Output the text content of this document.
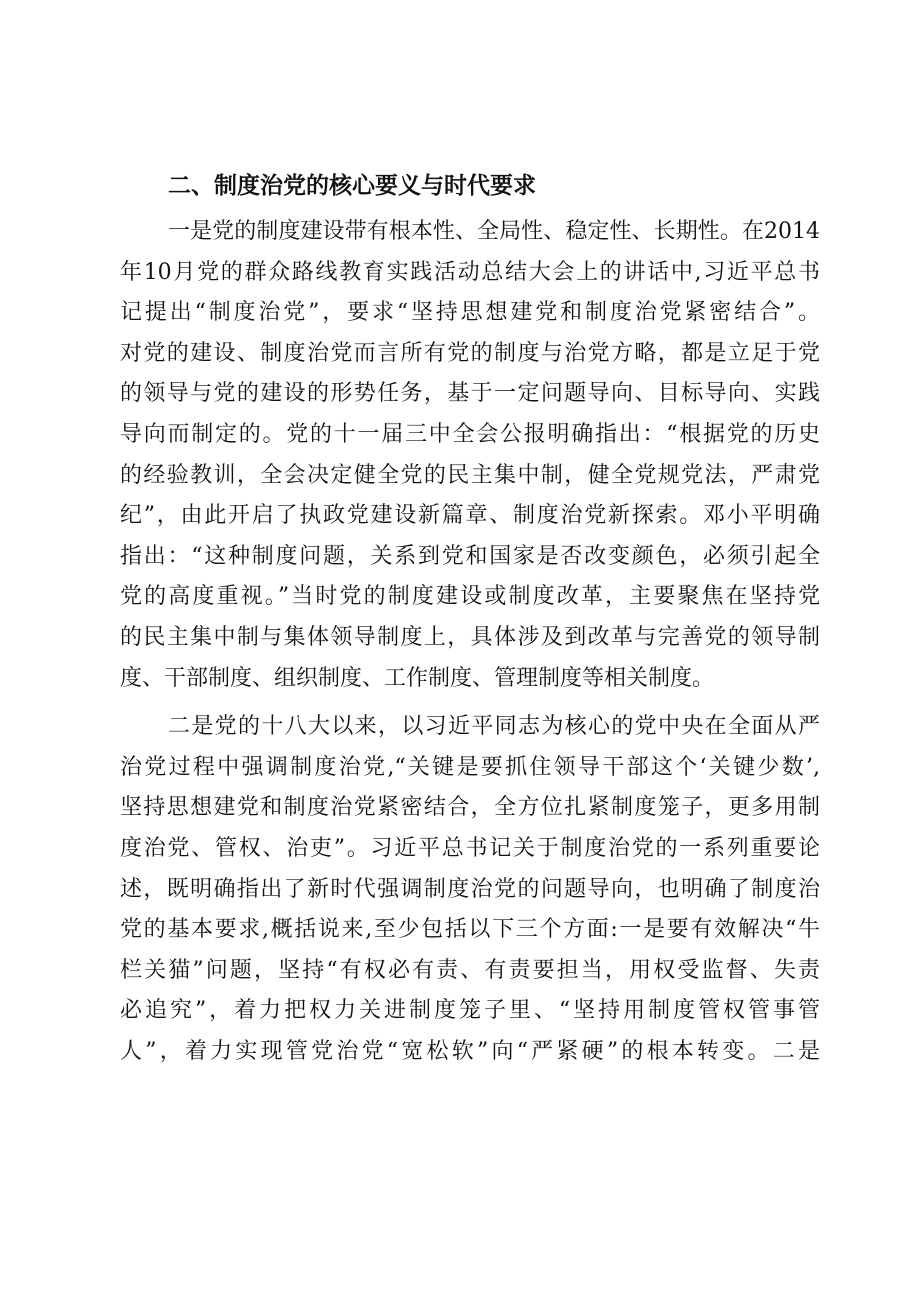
二、制度治党的核心要义与时代要求
一是党的制度建设带有根本性、全局性、稳定性、长期性。在2014
年10月党的群众路线教育实践活动总结大会上的讲话中,习近平总书
记提出“制度治党”，要求“坚持思想建党和制度治党紧密结合”。
对党的建设、制度治党而言所有党的制度与治党方略，都是立足于党
的领导与党的建设的形势任务，基于一定问题导向、目标导向、实践
导向而制定的。党的十一届三中全会公报明确指出：“根据党的历史
的经验教训，全会决定健全党的民主集中制，健全党规党法，严肃党
纪”，由此开启了执政党建设新篇章、制度治党新探索。邓小平明确
指出：“这种制度问题，关系到党和国家是否改变颜色，必须引起全
党的高度重视。”当时党的制度建设或制度改革，主要聚焦在坚持党
的民主集中制与集体领导制度上，具体涉及到改革与完善党的领导制
度、干部制度、组织制度、工作制度、管理制度等相关制度。
二是党的十八大以来，以习近平同志为核心的党中央在全面从严
治党过程中强调制度治党,“关键是要抓住领导干部这个‘关键少数’,
坚持思想建党和制度治党紧密结合，全方位扎紧制度笼子，更多用制
度治党、管权、治吏”。习近平总书记关于制度治党的一系列重要论
述，既明确指出了新时代强调制度治党的问题导向，也明确了制度治
党的基本要求,概括说来,至少包括以下三个方面:一是要有效解决“牛
栏关猫”问题，坚持“有权必有责、有责要担当，用权受监督、失责
必追究”，着力把权力关进制度笼子里、“坚持用制度管权管事管
人”，着力实现管党治党“宽松软”向“严紧硬”的根本转变。二是
